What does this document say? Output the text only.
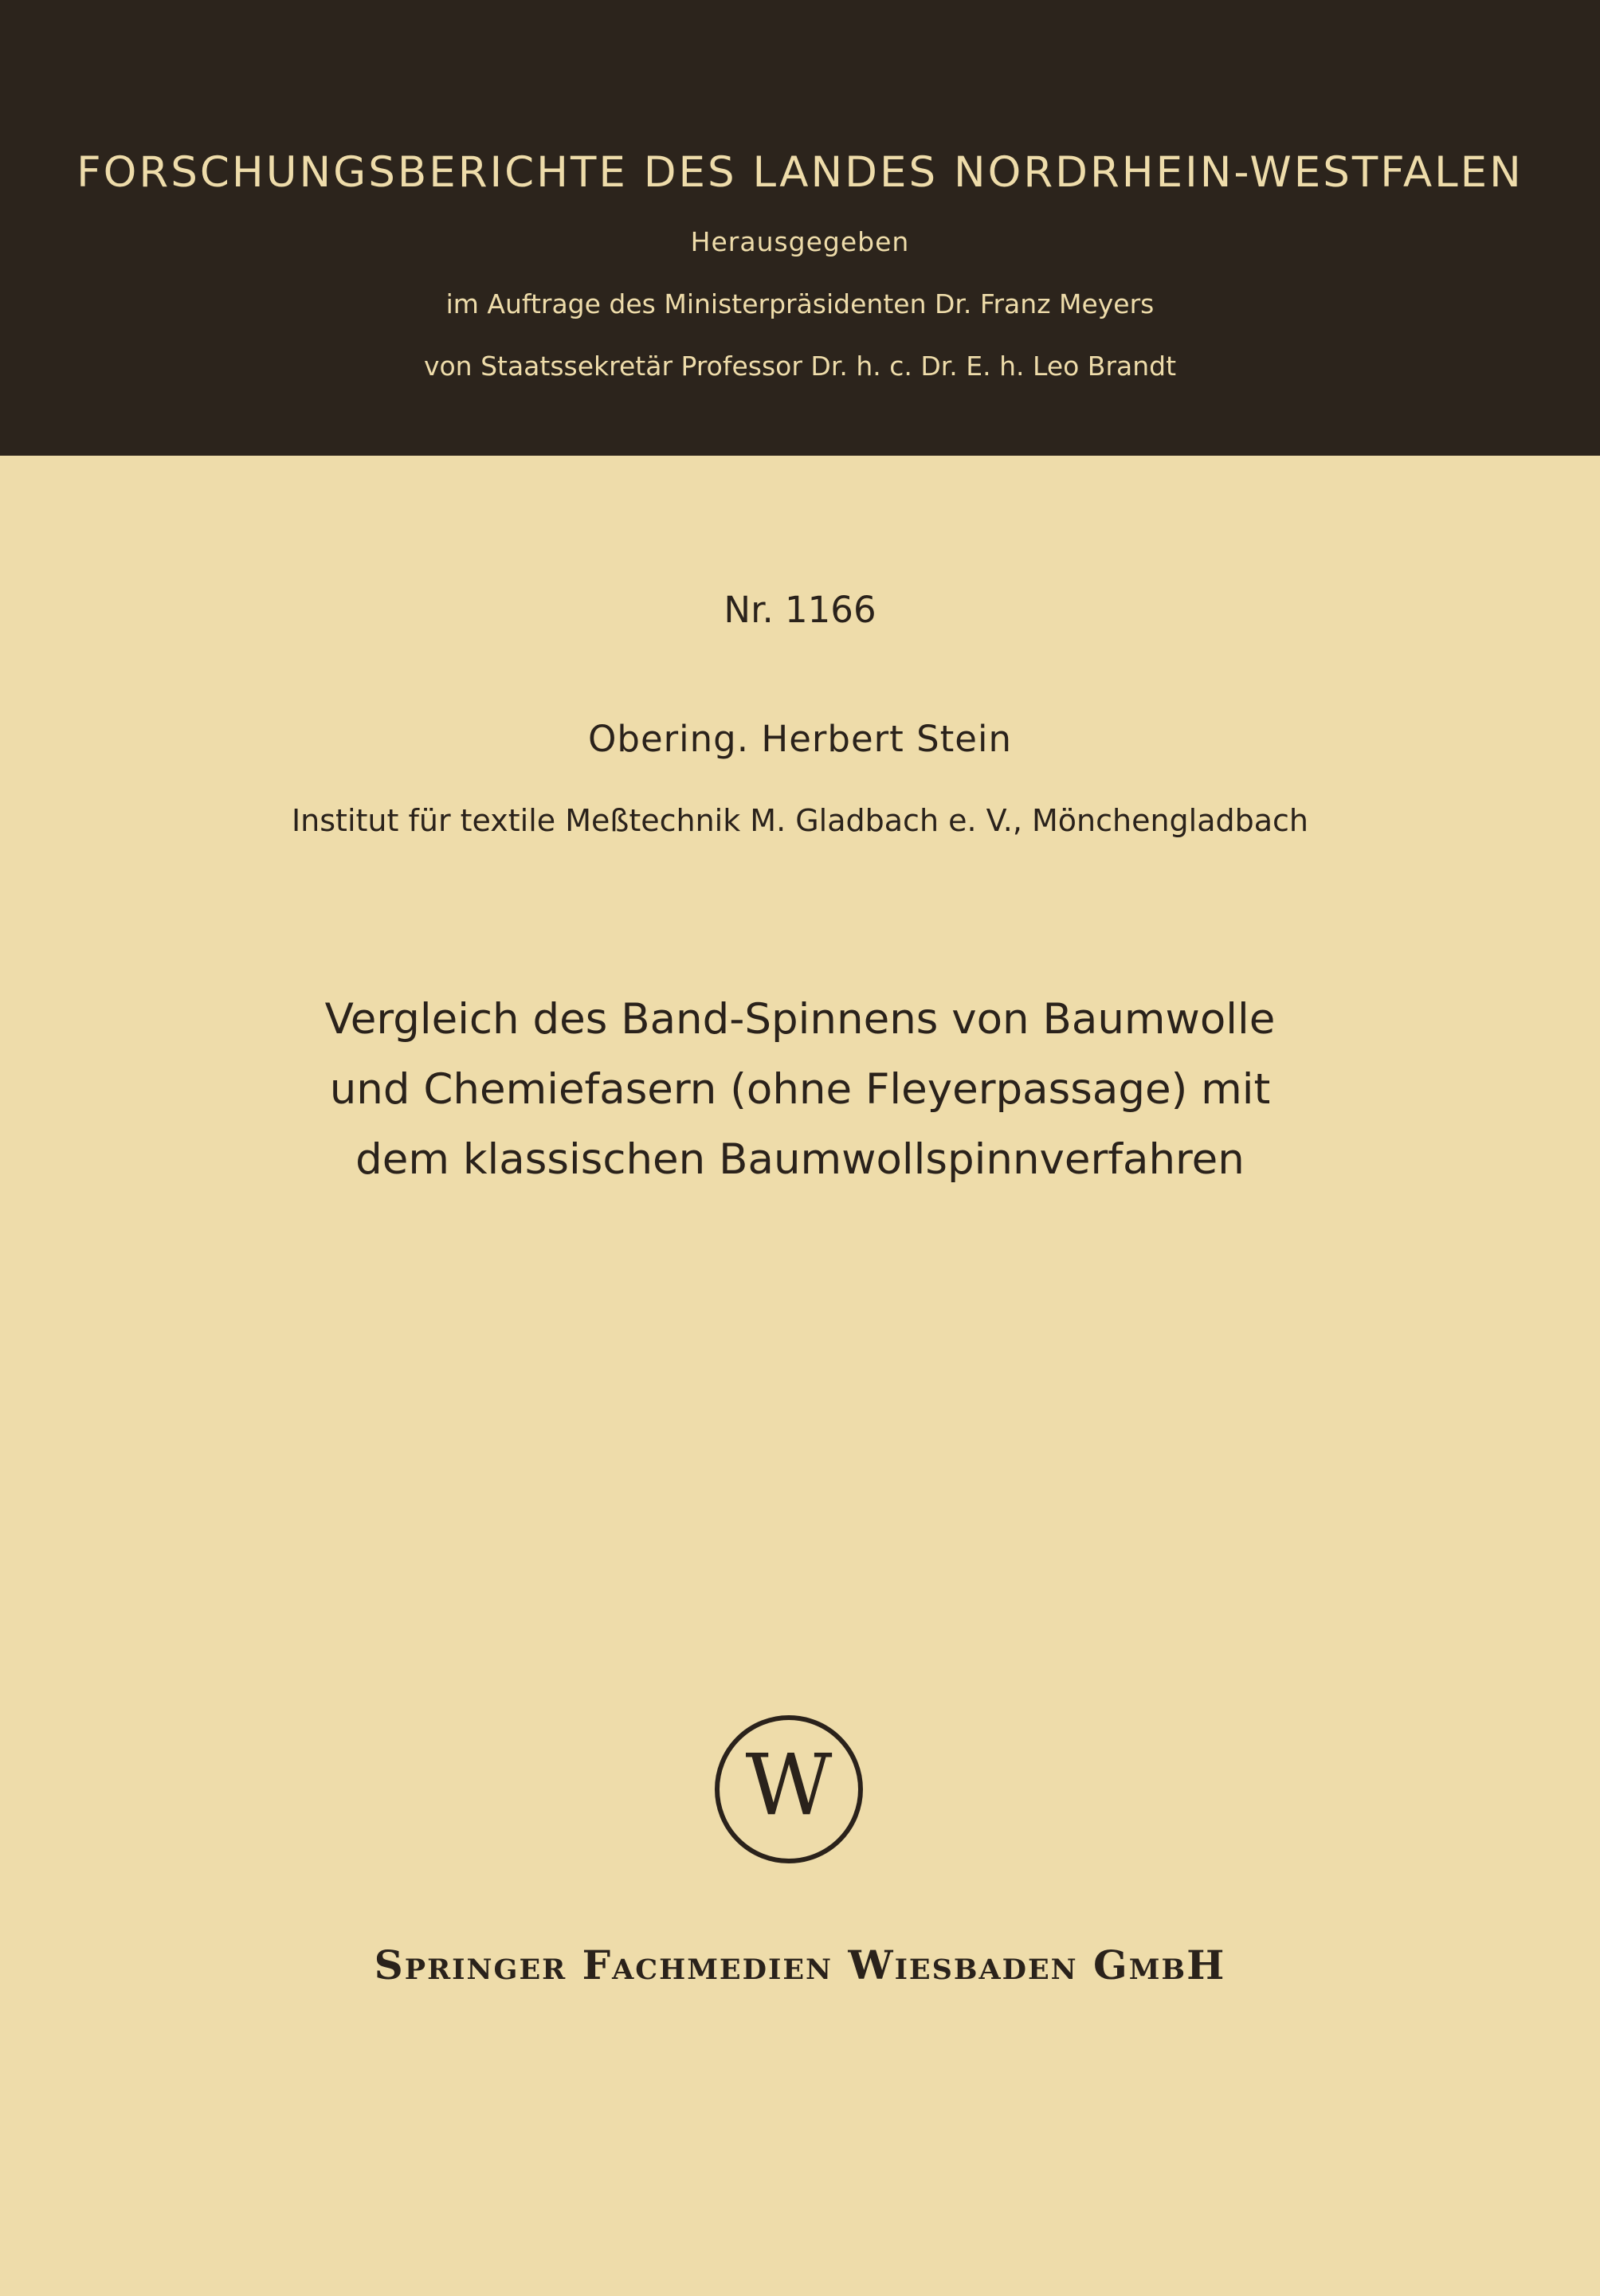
FORSCHUNGSBERICHTE DES LANDES NORDRHEIN-WESTFALEN
Herausgegeben
im Auftrage des Ministerpräsidenten Dr. Franz Meyers
von Staatssekretär Professor Dr. h. c. Dr. E. h. Leo Brandt
Nr. 1166
Obering. Herbert Stein
Institut für textile Meßtechnik M. Gladbach e. V., Mönchengladbach
Vergleich des Band-Spinnens von Baumwolle
und Chemiefasern (ohne Fleyerpassage) mit
dem klassischen Baumwollspinnverfahren
W
Springer Fachmedien Wiesbaden GmbH
